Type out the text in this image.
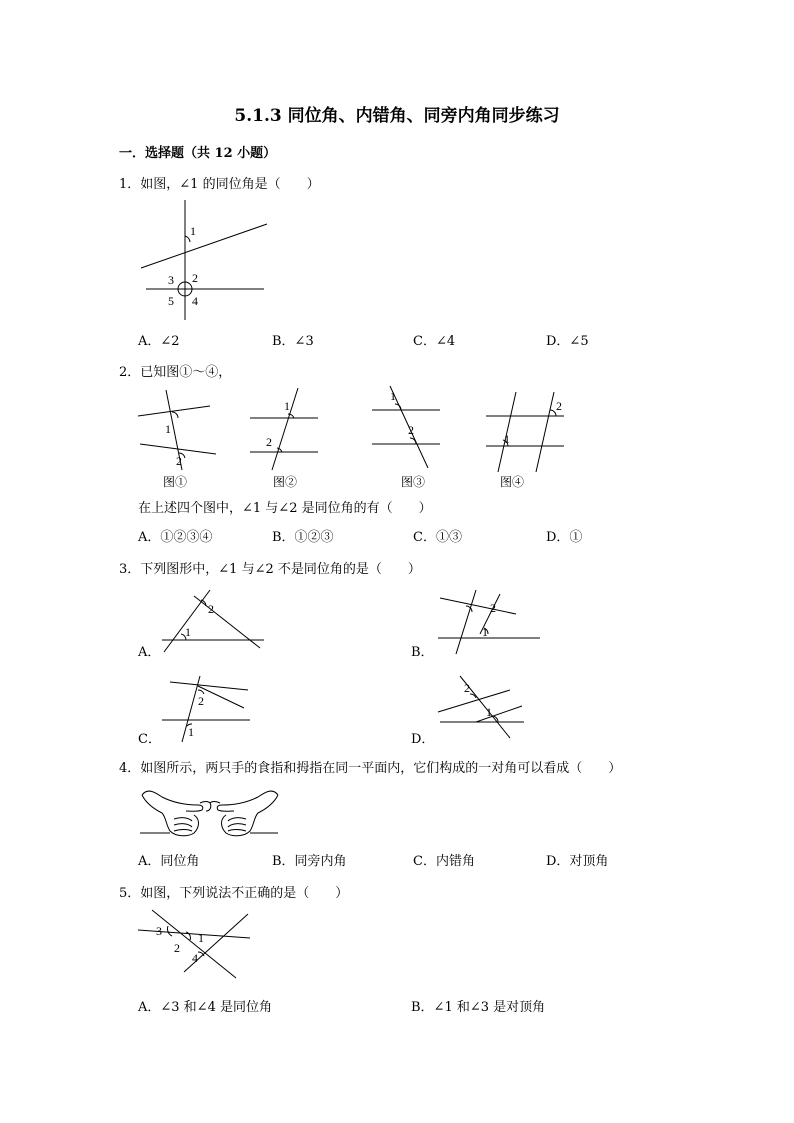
5.1.3 同位角、内错角、同旁内角同步练习
一．选择题（共 12 小题）
1．如图，∠1 的同位角是（　　）
1
2
3
4
5
A．∠2	B．∠3	C．∠4	D．∠5
2．已知图①～④，
1
2
图①
1
2
图②
1
2
图③
1
2
图④
在上述四个图中，∠1 与∠2 是同位角的有（　　）
A．①②③④	B．①②③	C．①③	D．①
3．下列图形中，∠1 与∠2 不是同位角的是（　　）
A．
1
2
B．
2
1
C．
2
1	D．
2
1
4．如图所示，两只手的食指和拇指在同一平面内，它们构成的一对角可以看成（　　）
A．同位角	B．同旁内角	C．内错角	D．对顶角
5．如图，下列说法不正确的是（　　）
3
2
1
4
A．∠3 和∠4 是同位角	B．∠1 和∠3 是对顶角
